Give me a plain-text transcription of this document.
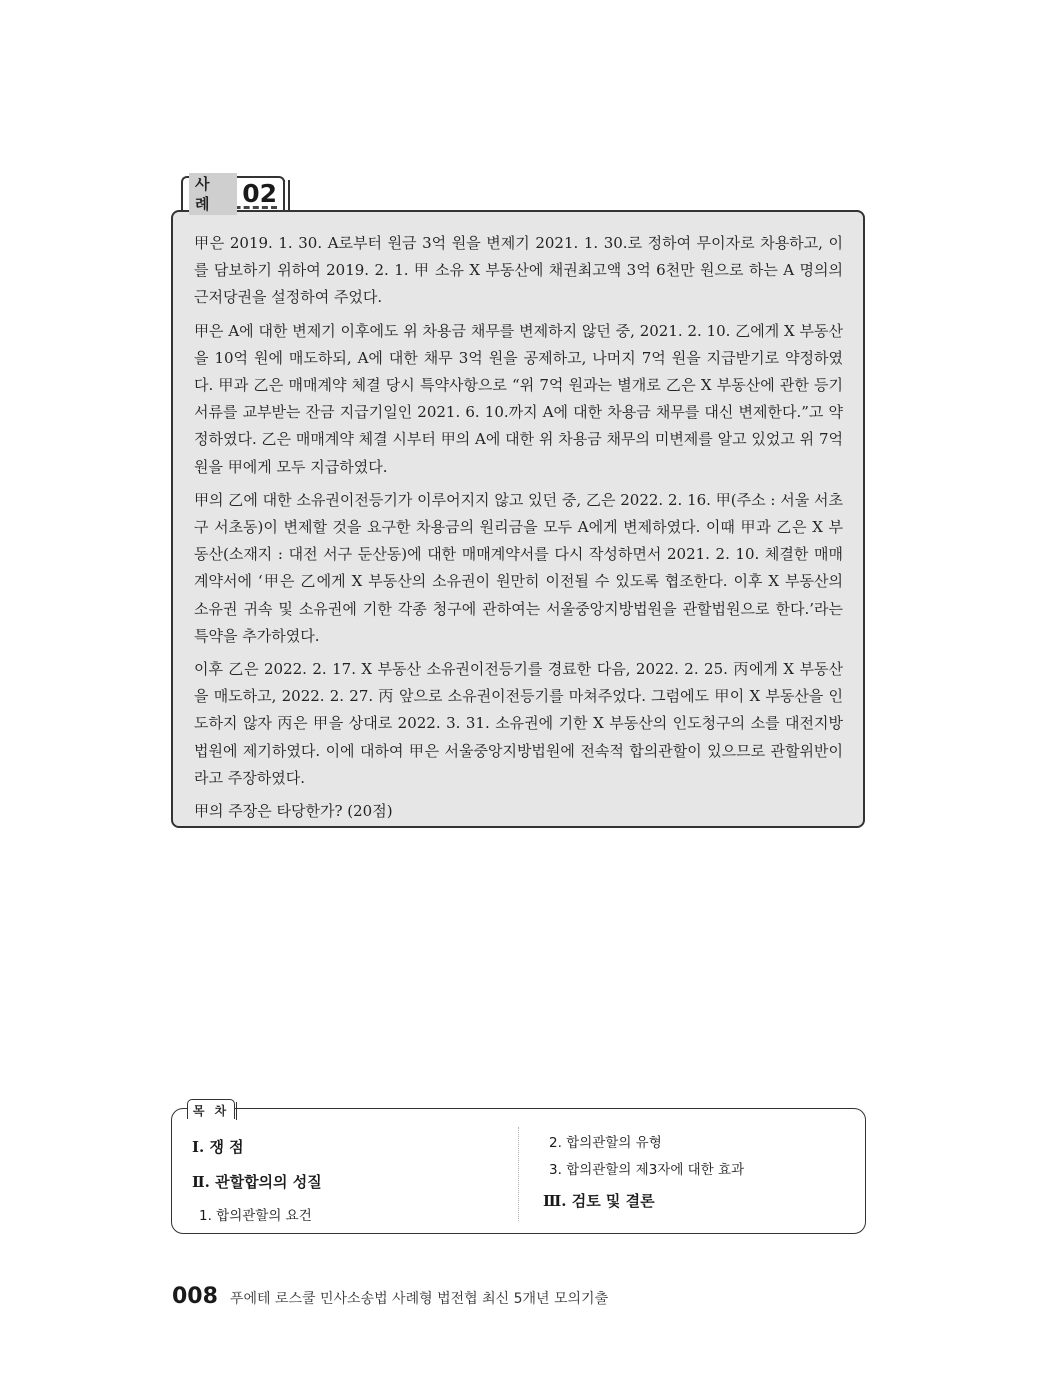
사 례	02

甲은 2019. 1. 30. A로부터 원금 3억 원을 변제기 2021. 1. 30.로 정하여 무이자로 차용하고, 이를 담보하기 위하여 2019. 2. 1. 甲 소유 X 부동산에 채권최고액 3억 6천만 원으로 하는 A 명의의 근저당권을 설정하여 주었다.

甲은 A에 대한 변제기 이후에도 위 차용금 채무를 변제하지 않던 중, 2021. 2. 10. 乙에게 X 부동산을 10억 원에 매도하되, A에 대한 채무 3억 원을 공제하고, 나머지 7억 원을 지급받기로 약정하였다. 甲과 乙은 매매계약 체결 당시 특약사항으로 “위 7억 원과는 별개로 乙은 X 부동산에 관한 등기서류를 교부받는 잔금 지급기일인 2021. 6. 10.까지 A에 대한 차용금 채무를 대신 변제한다.”고 약정하였다. 乙은 매매계약 체결 시부터 甲의 A에 대한 위 차용금 채무의 미변제를 알고 있었고 위 7억 원을 甲에게 모두 지급하였다.

甲의 乙에 대한 소유권이전등기가 이루어지지 않고 있던 중, 乙은 2022. 2. 16. 甲(주소 : 서울 서초구 서초동)이 변제할 것을 요구한 차용금의 원리금을 모두 A에게 변제하였다. 이때 甲과 乙은 X 부동산(소재지 : 대전 서구 둔산동)에 대한 매매계약서를 다시 작성하면서 2021. 2. 10. 체결한 매매계약서에 ‘甲은 乙에게 X 부동산의 소유권이 원만히 이전될 수 있도록 협조한다. 이후 X 부동산의 소유권 귀속 및 소유권에 기한 각종 청구에 관하여는 서울중앙지방법원을 관할법원으로 한다.’라는 특약을 추가하였다.

이후 乙은 2022. 2. 17. X 부동산 소유권이전등기를 경료한 다음, 2022. 2. 25. 丙에게 X 부동산을 매도하고, 2022. 2. 27. 丙 앞으로 소유권이전등기를 마쳐주었다. 그럼에도 甲이 X 부동산을 인도하지 않자 丙은 甲을 상대로 2022. 3. 31. 소유권에 기한 X 부동산의 인도청구의 소를 대전지방법원에 제기하였다. 이에 대하여 甲은 서울중앙지방법원에 전속적 합의관할이 있으므로 관할위반이라고 주장하였다.

甲의 주장은 타당한가? (20점)

목 차
Ⅰ. 쟁 점
Ⅱ. 관할합의의 성질
1. 합의관할의 요건
2. 합의관할의 유형
3. 합의관할의 제3자에 대한 효과
Ⅲ. 검토 및 결론
008 푸에테 로스쿨 민사소송법 사례형 법전협 최신 5개년 모의기출
